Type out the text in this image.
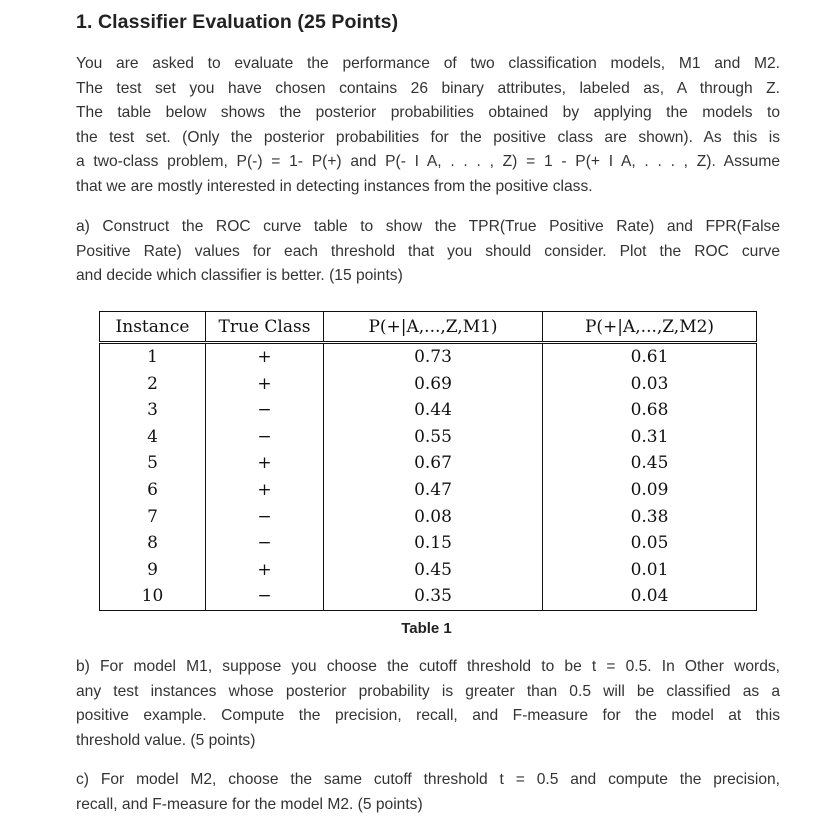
1. Classifier Evaluation (25 Points)

You are asked to evaluate the performance of two classification models, M1 and M2.
The test set you have chosen contains 26 binary attributes, labeled as, A through Z.
The table below shows the posterior probabilities obtained by applying the models to
the test set. (Only the posterior probabilities for the positive class are shown). As this is
a two-class problem, P(-) = 1- P(+) and P(- I A, . . . , Z) = 1 - P(+ I A, . . . , Z). Assume
that we are mostly interested in detecting instances from the positive class.

a) Construct the ROC curve table to show the TPR(True Positive Rate) and FPR(False
Positive Rate) values for each threshold that you should consider. Plot the ROC curve
and decide which classifier is better. (15 points)

Instance	True Class	P(+|A,...,Z,M1)	P(+|A,...,Z,M2)
1	+	0.73	0.61
2	+	0.69	0.03
3	−	0.44	0.68
4	−	0.55	0.31
5	+	0.67	0.45
6	+	0.47	0.09
7	−	0.08	0.38
8	−	0.15	0.05
9	+	0.45	0.01
10	−	0.35	0.04

Table 1

b) For model M1, suppose you choose the cutoff threshold to be t = 0.5. In Other words,
any test instances whose posterior probability is greater than 0.5 will be classified as a
positive example. Compute the precision, recall, and F-measure for the model at this
threshold value. (5 points)

c) For model M2, choose the same cutoff threshold t = 0.5 and compute the precision,
recall, and F-measure for the model M2. (5 points)
